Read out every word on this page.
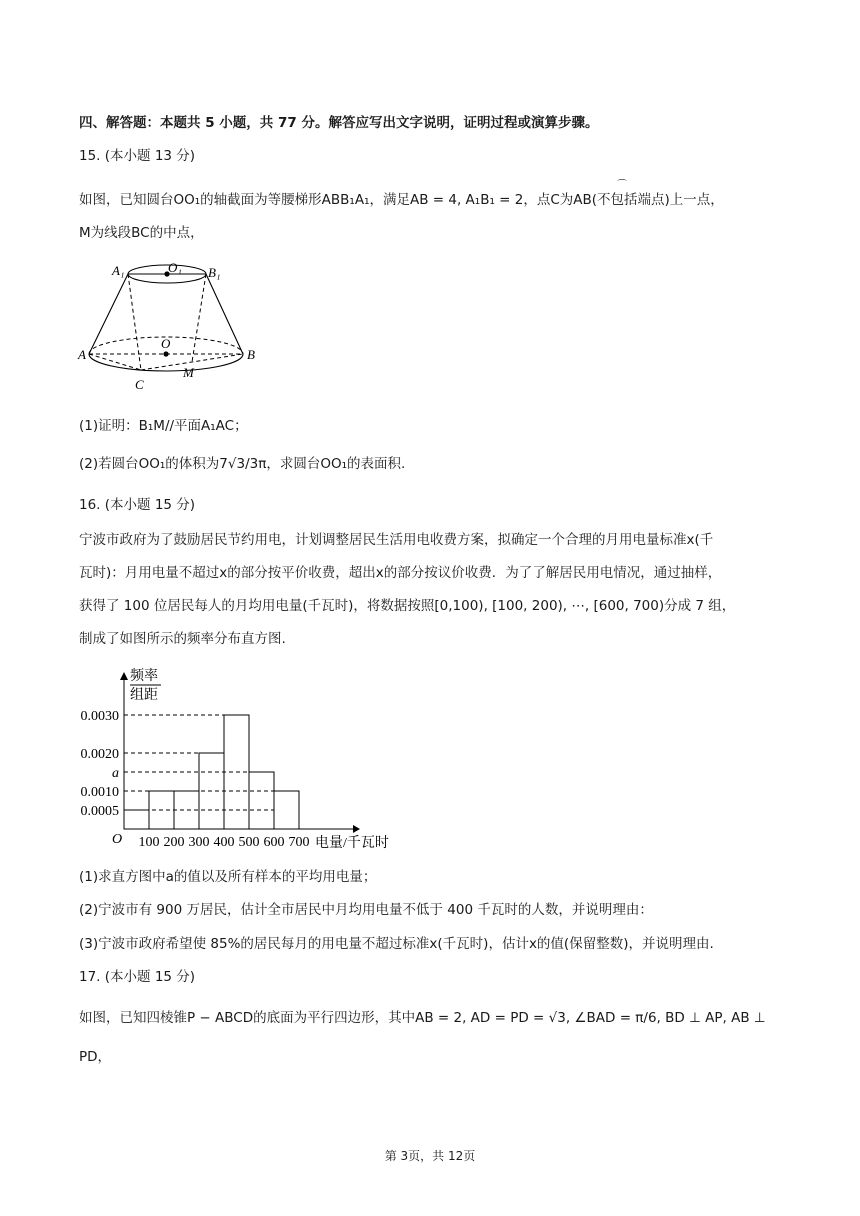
四、解答题：本题共 5 小题，共 77 分。解答应写出文字说明，证明过程或演算步骤。
15. (本小题 13 分)
如图，已知圆台OO₁的轴截面为等腰梯形ABB₁A₁，满足AB = 4, A₁B₁ = 2，点C为AB(不包括端点)上一点，
⌒
M为线段BC的中点，
A₁	O₁ B₁
A
O
B
C
M
(1)证明：B₁M//平面A₁AC；
(2)若圆台OO₁的体积为7√3/3π，求圆台OO₁的表面积.
16. (本小题 15 分)
宁波市政府为了鼓励居民节约用电，计划调整居民生活用电收费方案，拟确定一个合理的月用电量标准x(千
瓦时)：月用电量不超过x的部分按平价收费，超出x的部分按议价收费．为了了解居民用电情况，通过抽样，
获得了 100 位居民每人的月均用电量(千瓦时)，将数据按照[0,100), [100, 200), ⋯, [600, 700)分成 7 组，
制成了如图所示的频率分布直方图.
频率
组距
O	电量/千瓦时
100 200 300 400 500 600 700
0.0005
0.0010
a
0.0020
0.0030
(1)求直方图中a的值以及所有样本的平均用电量；
(2)宁波市有 900 万居民，估计全市居民中月均用电量不低于 400 千瓦时的人数，并说明理由：
(3)宁波市政府希望使 85%的居民每月的用电量不超过标准x(千瓦时)，估计x的值(保留整数)，并说明理由.
17. (本小题 15 分)
如图，已知四棱锥P − ABCD的底面为平行四边形，其中AB = 2, AD = PD = √3, ∠BAD = π/6, BD ⊥ AP, AB ⊥
PD，
第 3页，共 12页
